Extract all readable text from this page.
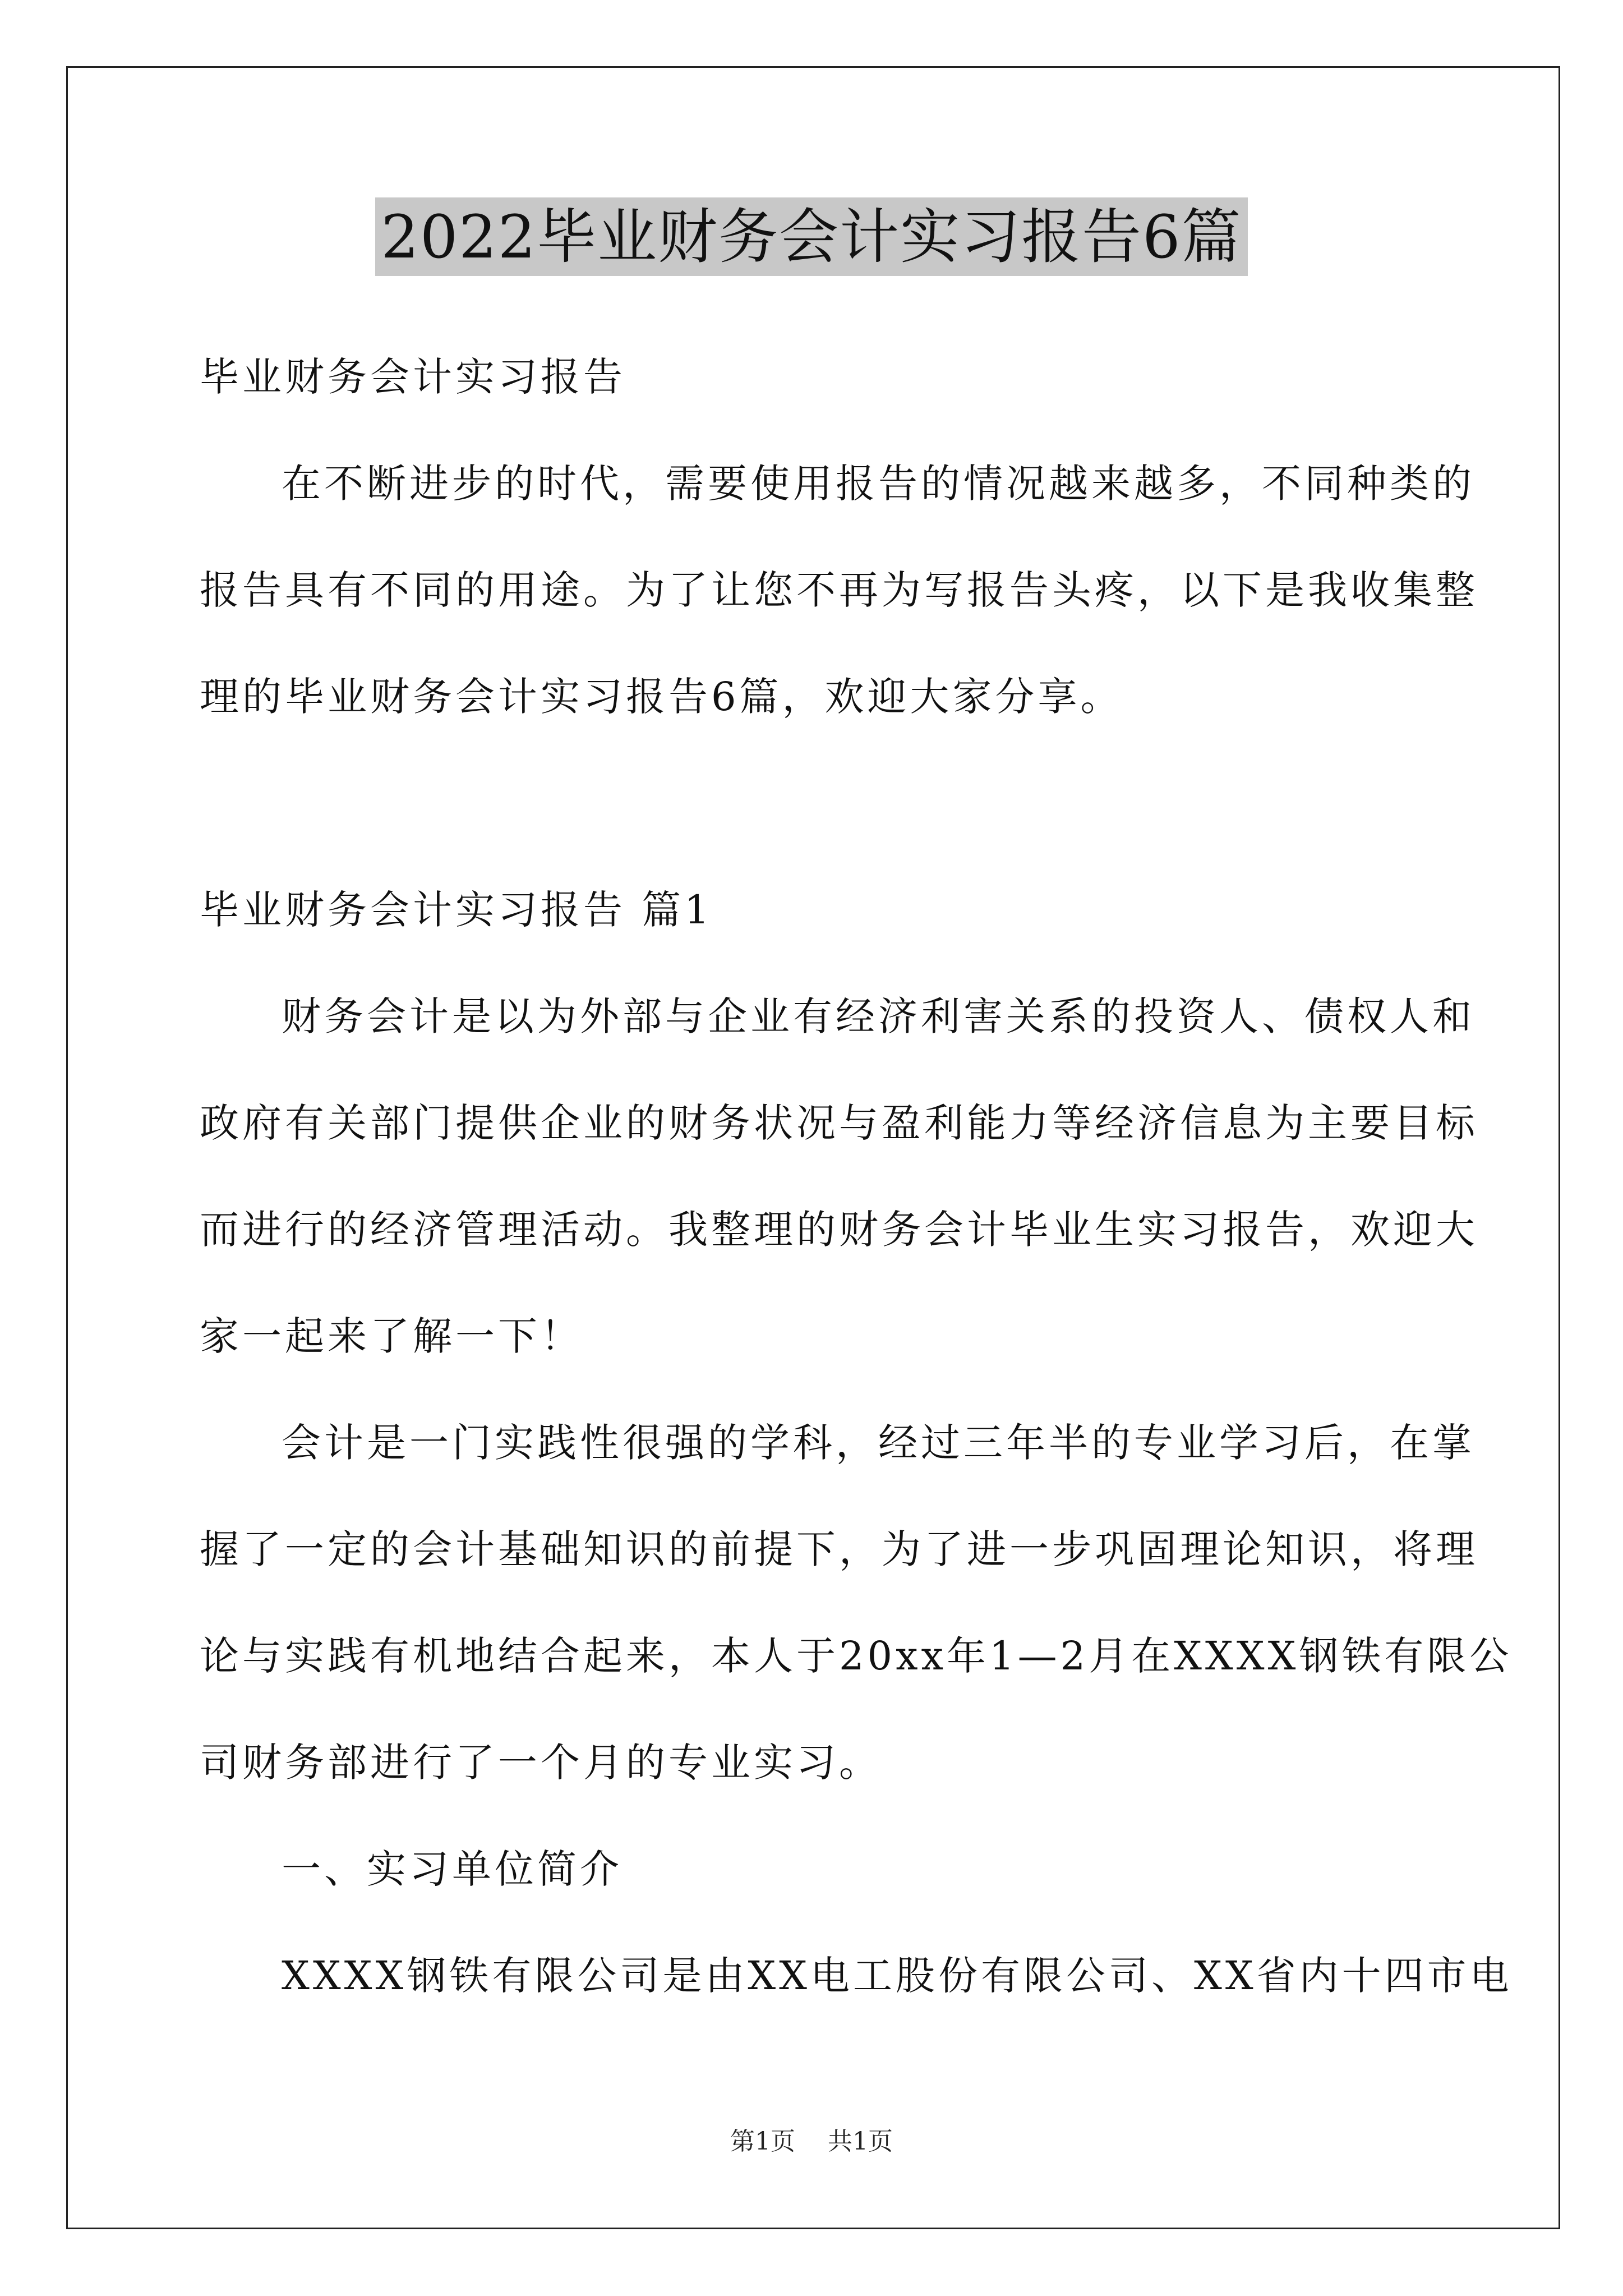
2022毕业财务会计实习报告6篇

毕业财务会计实习报告

在不断进步的时代，需要使用报告的情况越来越多，不同种类的

报告具有不同的用途。为了让您不再为写报告头疼，以下是我收集整

理的毕业财务会计实习报告6篇，欢迎大家分享。

毕业财务会计实习报告 篇1

财务会计是以为外部与企业有经济利害关系的投资人、债权人和

政府有关部门提供企业的财务状况与盈利能力等经济信息为主要目标

而进行的经济管理活动。我整理的财务会计毕业生实习报告，欢迎大

家一起来了解一下！

会计是一门实践性很强的学科，经过三年半的专业学习后，在掌

握了一定的会计基础知识的前提下，为了进一步巩固理论知识，将理

论与实践有机地结合起来，本人于20xx年1—2月在XXXX钢铁有限公

司财务部进行了一个月的专业实习。

一、实习单位简介

XXXX钢铁有限公司是由XX电工股份有限公司、XX省内十四市电

第1页 共1页
